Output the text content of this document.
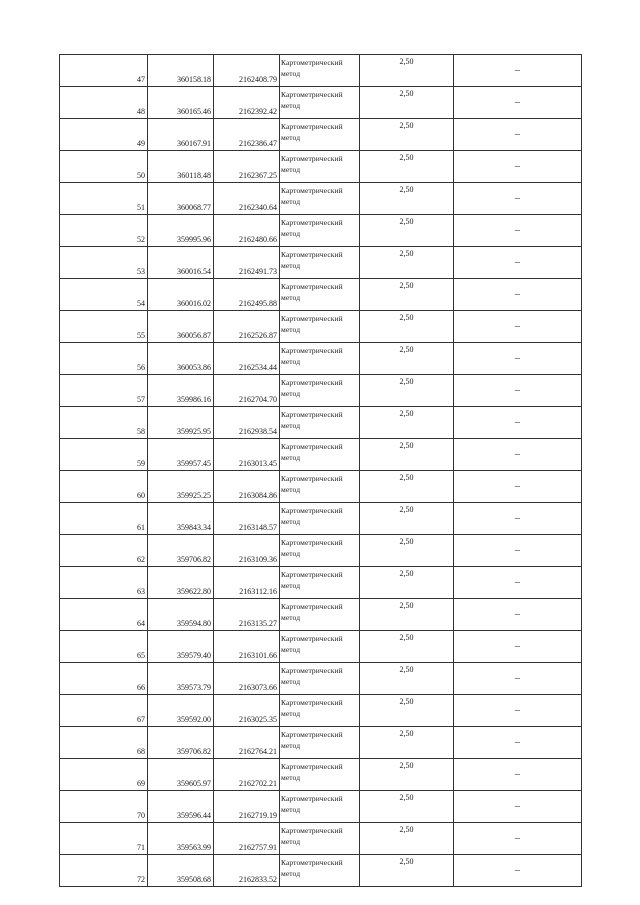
47	360158.18	2162408.79	Картометрический метод	2,50	–
48	360165.46	2162392.42	Картометрический метод	2,50	–
49	360167.91	2162386.47	Картометрический метод	2,50	–
50	360118.48	2162367.25	Картометрический метод	2,50	–
51	360068.77	2162340.64	Картометрический метод	2,50	–
52	359995.96	2162480.66	Картометрический метод	2,50	–
53	360016.54	2162491.73	Картометрический метод	2,50	–
54	360016.02	2162495.88	Картометрический метод	2,50	–
55	360056.87	2162526.87	Картометрический метод	2,50	–
56	360053.86	2162534.44	Картометрический метод	2,50	–
57	359986.16	2162704.70	Картометрический метод	2,50	–
58	359925.95	2162938.54	Картометрический метод	2,50	–
59	359957.45	2163013.45	Картометрический метод	2,50	–
60	359925.25	2163084.86	Картометрический метод	2,50	–
61	359843.34	2163148.57	Картометрический метод	2,50	–
62	359706.82	2163109.36	Картометрический метод	2,50	–
63	359622.80	2163112.16	Картометрический метод	2,50	–
64	359594.80	2163135.27	Картометрический метод	2,50	–
65	359579.40	2163101.66	Картометрический метод	2,50	–
66	359573.79	2163073.66	Картометрический метод	2,50	–
67	359592.00	2163025.35	Картометрический метод	2,50	–
68	359706.82	2162764.21	Картометрический метод	2,50	–
69	359605.97	2162702.21	Картометрический метод	2,50	–
70	359596.44	2162719.19	Картометрический метод	2,50	–
71	359563.99	2162757.91	Картометрический метод	2,50	–
72	359508.68	2162833.52	Картометрический метод	2,50	–
